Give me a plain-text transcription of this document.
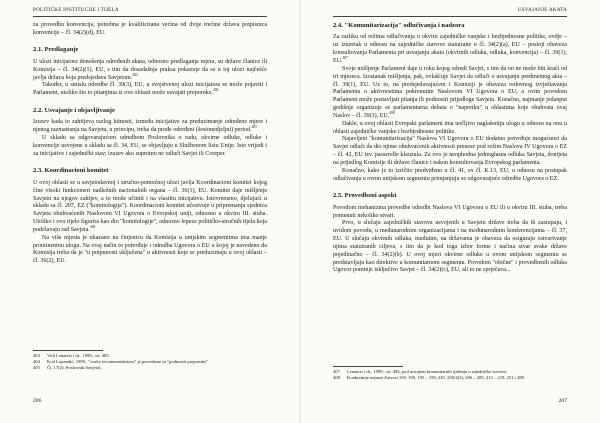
POLITIČKE INSTITUCIJE I TIJELA

za provedbu konvencija, potrebna je kvalificirana većina od dvije trećine država potpisnica konvencije – čl. 34(2)(d), EU.

2.1. Predlaganje

U ulozi inicijatora donošenja određenih akata, odnosno predlaganja mjera, su države članice ili Komisija – čl. 34(2)(1), EU, s tim da dosadašnja praksa pokazuje da se u toj ulozi najčešće javlja država koja predsjedava Savjetom.$^{403}$

Također, u smislu odredbe čl. 39(3), EU, u svojstvenoj ulozi inicijatora se može pojaviti i Parlament, utoliko što to pitanjima iz ove oblasti može usvajati preporuke.$^{404}$

2.2. Usvajanje i objavljivanje

Izuzev kada to zahtijeva razlog hitnosti, između inicijative za preduzimanje određene mjere i njenog razmatranja na Savjetu, u principu, treba da prođe određeni (šestonedjeljni) period.$^{405}$

U skladu sa odgovarajućom odredbom Poslovnika o radu, okvirne odluke, odluke i konvencije usvojene u skladu sa čl. 34, EU, se objavljuju u Službenom listu Unije. Isto vrijedi i za inicijative i zajednički stav; izuzev ako suprotno ne odluči Savjet ili Coreper.

2.3. Koordinacioni komitet

U ovoj oblasti se u savjetodavnoj i stručno-pomoćnoj ulozi javlja Koordinacioni komitet kojeg čine visoki funkcioneri nadležnih nacionalnih organa – čl. 36(1), EU. Komitet daje mišljenje Savjetu na njegov zahtjev, a to može učiniti i na vlastitu inicijativu. Istovremeno, djelujući u skladu sa čl. 207, EZ ("komitologija"). Koordinacioni komitet učestvuje u pripremanju sjednica Savjeta obuhvaćenih Naslovom VI Ugovora o Evropskoj uniji, odnosno u okviru III. stuba. Utoliko i ovo tijelo figurira kao dio "komitologije", odnosno lepeze političko-stručnih tijela koja podržavaju rad Savjeta.$^{406}$

Na više mjesta je ukazano na činjenicu da Komisija u unijskim segmentima ima manje prominentnu ulogu. Na ovaj način to potvrđuje i odredba Ugovora o EU u kojoj je navedeno da Komisija treba da je "u potpunosti uključena" u aktivnosti koje se preduzimaju u ovoj oblasti – čl. 36(2), EU.

403	Vidi Lenaerts i dr., 1999., str. 483.
404	Kod Lopandić, 1999., "svake recommendations" je prevedeno sa "podnositi preporuke".
405	Čl. 17(2), Poslovnik Savjeta).
206
USVAJANJE AKATA
2.4. "Komunitarizacija" odlučivanja i nadzora

Za razliku od režima odlučivanja u okviru zajedničke vanjske i bezbjednosne politike, ovdje – uz izuzetak u odnosu na zajedničke stavove statuirane u čl. 34(2)(a), EU – postoji obaveza konsultovanja Parlamenta pri usvajanju akata (okvirnih odluka, odluka, konvencija) – čl. 39(1), EU.$^{407}$

Svoje mišljenje Parlament daje u roku kojeg odredi Savjet, s tim da on ne može biti kraći od tri mjeseca. Izostanak mišljenja, pak, ovlašćuje Savjet da odluči o usvajanju predmetnog akta – čl. 39(1), EU. Uz to, na predsjedavajućem i Komisiji je obaveza redovnog izvještavanja Parlamenta o aktivnostima pokrenutim Naslovom VI Ugovora o EU, a ovim povodom Parlament može postavljati pitanja ili podnositi prijedloge Savjetu. Konačno, najmanje jedanput godišnje organizuje se parlamentarna debata o "napretku" u oblastima koje obuhvata ovaj Naslov – čl. 39(3), EU.$^{408}$

Dakle, u ovoj oblasti Evropski parlament ima uočljivo naglašeniju ulogu u odnosu na onu u oblasti zajedničke vanjske i bezbjednosne politike.

Najavljeni "komunitarizacija" Naslova VI Ugovora o EU dodatno potvrđuje mogućnost da Savjet odluči da dio njime obuhvaćenih aktivnosti prenese pod režim Naslova IV Ugovora o EZ – čl. 42, EU tzv. passerelle klauzula. Za ovo je neophodna jednoglasna odluka Savjeta, donijeta na prijedlog Komisije ili države članice i nakon konsultovanja Evropskog parlamenta.

Konačno, kako je to izričito predviđeno u čl. 41, ex čl. K.13, EU, u odnosu na postupak odlučivanja u ovom unijskom segmentu primjenjuju se odgovarajuće odredbe Ugovora o EZ.

2.5. Provedbeni aspekt

Povodom mehanizma provedbe odredbi Naslova VI Ugovora o EU ili u okviru III. stuba, treba pomenuti nekoliko stvari.

Prvo, u slučaju zajedničkih stavova usvojenih u Savjetu države treba da ih zastupaju, i uvidom povodu, u međunarodnim organizacijama i na međunarodnim konferencijama – čl. 37, EU. U slučaju okvirnih odluka, međutim, na državama je obaveza da osiguraju ostvarivanje njima statuiranih ciljeva, s tim da je kod toga izbor forme i načina stvar svake države pojedinačno – čl. 34(2)(b). U ovoj mjeri okvirne odluke u ovom unijskom segmentu se predstavljaju kao direktive u komunitarnom segmentu. Povodom "obične" i provedbenih odluka Ugovor pominje isključivo Savjet – čl. 34(2)(c), EU, ali to ne sprječava...

407	Lenaerts i dr., 1999., str. 484, pod uticajem komunitarnih rješenja u zajedničke stavove.
408	Konkretnije nejasni Zatvori 169, 190, 195 – 199, 245, 250/4(3), 206 – 209, 213 – 219, 251 i 280.
207
